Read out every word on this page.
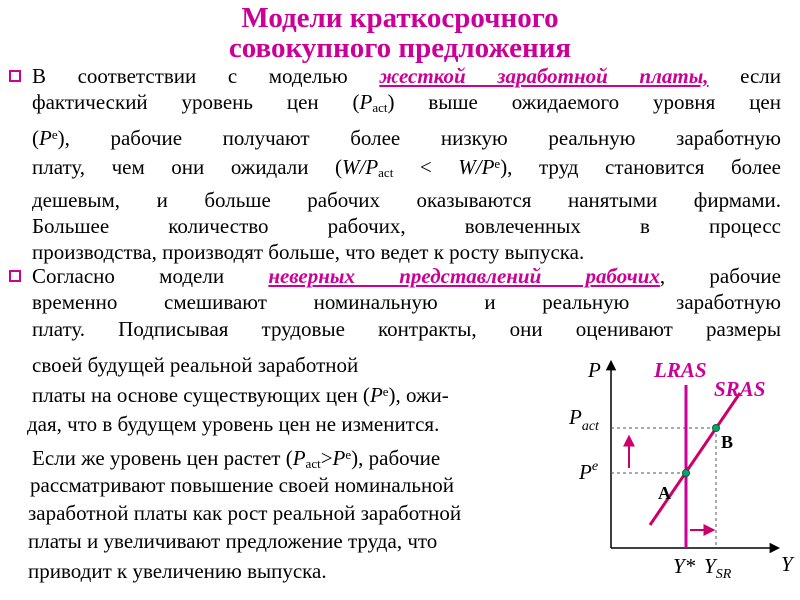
Модели краткосрочного
совокупного предложения
В соответствии с моделью жесткой заработной платы, если
фактический уровень цен $(P_{act})$ выше ожидаемого уровня цен
$(P^e)$, рабочие получают более низкую реальную заработную
плату, чем они ожидали $(W/P_{act} < W/P^e)$, труд становится более
дешевым, и больше рабочих оказываются нанятыми фирмами.
Большее количество рабочих, вовлеченных в процесс
производства, производят больше, что ведет к росту выпуска.
Согласно модели неверных представлений рабочих, рабочие
временно смешивают номинальную и реальную заработную
плату. Подписывая трудовые контракты, они оценивают размеры
своей будущей реальной заработной
платы на основе существующих цен $(P^e)$, ожи-
дая, что в будущем уровень цен не изменится.
Если же уровень цен растет $(P_{act}>P^e)$, рабочие
рассматривают повышение своей номинальной
заработной платы как рост реальной заработной
платы и увеличивают предложение труда, что
приводит к увеличению выпуска.
P
Y
LRAS
SRAS
$P_{act}$
$P^e$
A
B
Y* $Y_{SR}$
